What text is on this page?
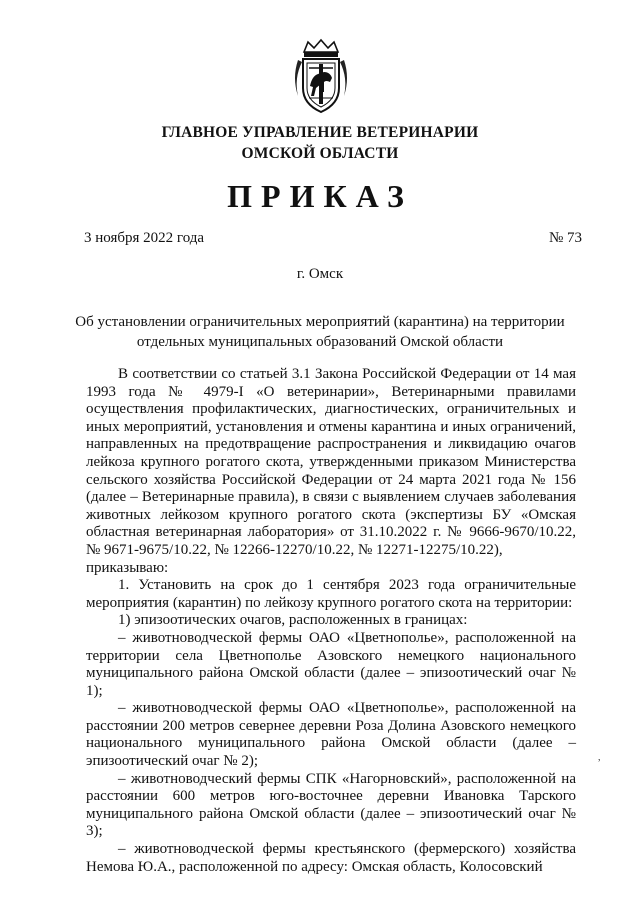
ГЛАВНОЕ УПРАВЛЕНИЕ ВЕТЕРИНАРИИ
ОМСКОЙ ОБЛАСТИ
ПРИКАЗ
3 ноября 2022 года	№ 73
г. Омск
Об установлении ограничительных мероприятий (карантина) на территории
отдельных муниципальных образований Омской области

В соответствии со статьей 3.1 Закона Российской Федерации от 14 мая 1993 года № 4979-I «О ветеринарии», Ветеринарными правилами осуществления профилактических, диагностических, ограничительных и иных мероприятий, установления и отмены карантина и иных ограничений, направленных на предотвращение распространения и ликвидацию очагов лейкоза крупного рогатого скота, утвержденными приказом Министерства сельского хозяйства Российской Федерации от 24 марта 2021 года № 156 (далее – Ветеринарные правила), в связи с выявлением случаев заболевания животных лейкозом крупного рогатого скота (экспертизы БУ «Омская областная ветеринарная лаборатория» от 31.10.2022 г. № 9666-9670/10.22, № 9671-9675/10.22, № 12266-12270/10.22, № 12271-12275/10.22),

приказываю:

1. Установить на срок до 1 сентября 2023 года ограничительные мероприятия (карантин) по лейкозу крупного рогатого скота на территории:

1) эпизоотических очагов, расположенных в границах:

– животноводческой фермы ОАО «Цветнополье», расположенной на территории села Цветнополье Азовского немецкого национального муниципального района Омской области (далее – эпизоотический очаг № 1);

– животноводческой фермы ОАО «Цветнополье», расположенной на расстоянии 200 метров севернее деревни Роза Долина Азовского немецкого национального муниципального района Омской области (далее – эпизоотический очаг № 2);

– животноводческий фермы СПК «Нагорновский», расположенной на расстоянии 600 метров юго-восточнее деревни Ивановка Тарского муниципального района Омской области (далее – эпизоотический очаг № 3);

– животноводческой фермы крестьянского (фермерского) хозяйства Немова Ю.А., расположенной по адресу: Омская область, Колосовский

,
